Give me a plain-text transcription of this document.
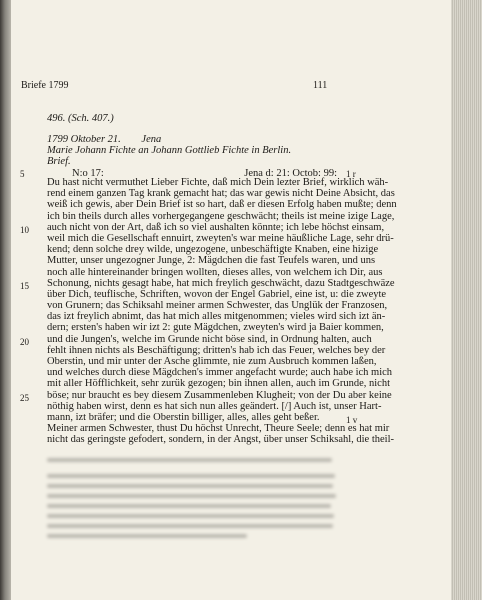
Briefe 1799	111
496. (Sch. 407.)
1799 Oktober 21. Jena
Marie Johann Fichte an Johann Gottlieb Fichte in Berlin.
Brief.
N:o 17:	Jena d: 21: Octob: 99:
Du hast nicht vermuthet Lieber Fichte, daß mich Dein lezter Brief, wirklich wäh-
rend einem ganzen Tag krank gemacht hat; das war gewis nicht Deine Absicht, das
weiß ich gewis, aber Dein Brief ist so hart, daß er diesen Erfolg haben mußte; denn
ich bin theils durch alles vorhergegangene geschwächt; theils ist meine izige Lage,
auch nicht von der Art, daß ich so viel aushalten könnte; ich lebe höchst einsam,
weil mich die Gesellschaft ennuirt, zweyten's war meine häußliche Lage, sehr drü-
kend; denn solche drey wilde, ungezogene, unbeschäftigte Knaben, eine hizige
Mutter, unser ungezogner Junge, 2: Mägdchen die fast Teufels waren, und uns
noch alle hintereinander bringen wollten, dieses alles, von welchem ich Dir, aus
Schonung, nichts gesagt habe, hat mich freylich geschwächt, dazu Stadtgeschwäze
über Dich, teuflische, Schriften, wovon der Engel Gabriel, eine ist, u: die zweyte
von Grunern; das Schiksahl meiner armen Schwester, das Unglük der Franzosen,
das izt freylich abnimt, das hat mich alles mitgenommen; vieles wird sich izt än-
dern; ersten's haben wir izt 2: gute Mägdchen, zweyten's wird ja Baier kommen,
und die Jungen's, welche im Grunde nicht böse sind, in Ordnung halten, auch
fehlt ihnen nichts als Beschäftigung; dritten's hab ich das Feuer, welches bey der
Oberstin, und mir unter der Asche glimmte, nie zum Ausbruch kommen laßen,
und welches durch diese Mägdchen's immer angefacht wurde; auch habe ich mich
mit aller Höfflichkeit, sehr zurük gezogen; bin ihnen allen, auch im Grunde, nicht
böse; nur braucht es bey diesem Zusammenleben Klugheit; von der Du aber keine
nöthig haben wirst, denn es hat sich nun alles geändert. [/] Auch ist, unser Hart-
mann, izt bräfer; und die Oberstin billiger, alles, alles geht beßer.
Meiner armen Schwester, thust Du höchst Unrecht, Theure Seele; denn es hat mir
nicht das geringste gefodert, sondern, in der Angst, über unser Schiksahl, die theil-
5
10
15
20
25
1 r
1 v
